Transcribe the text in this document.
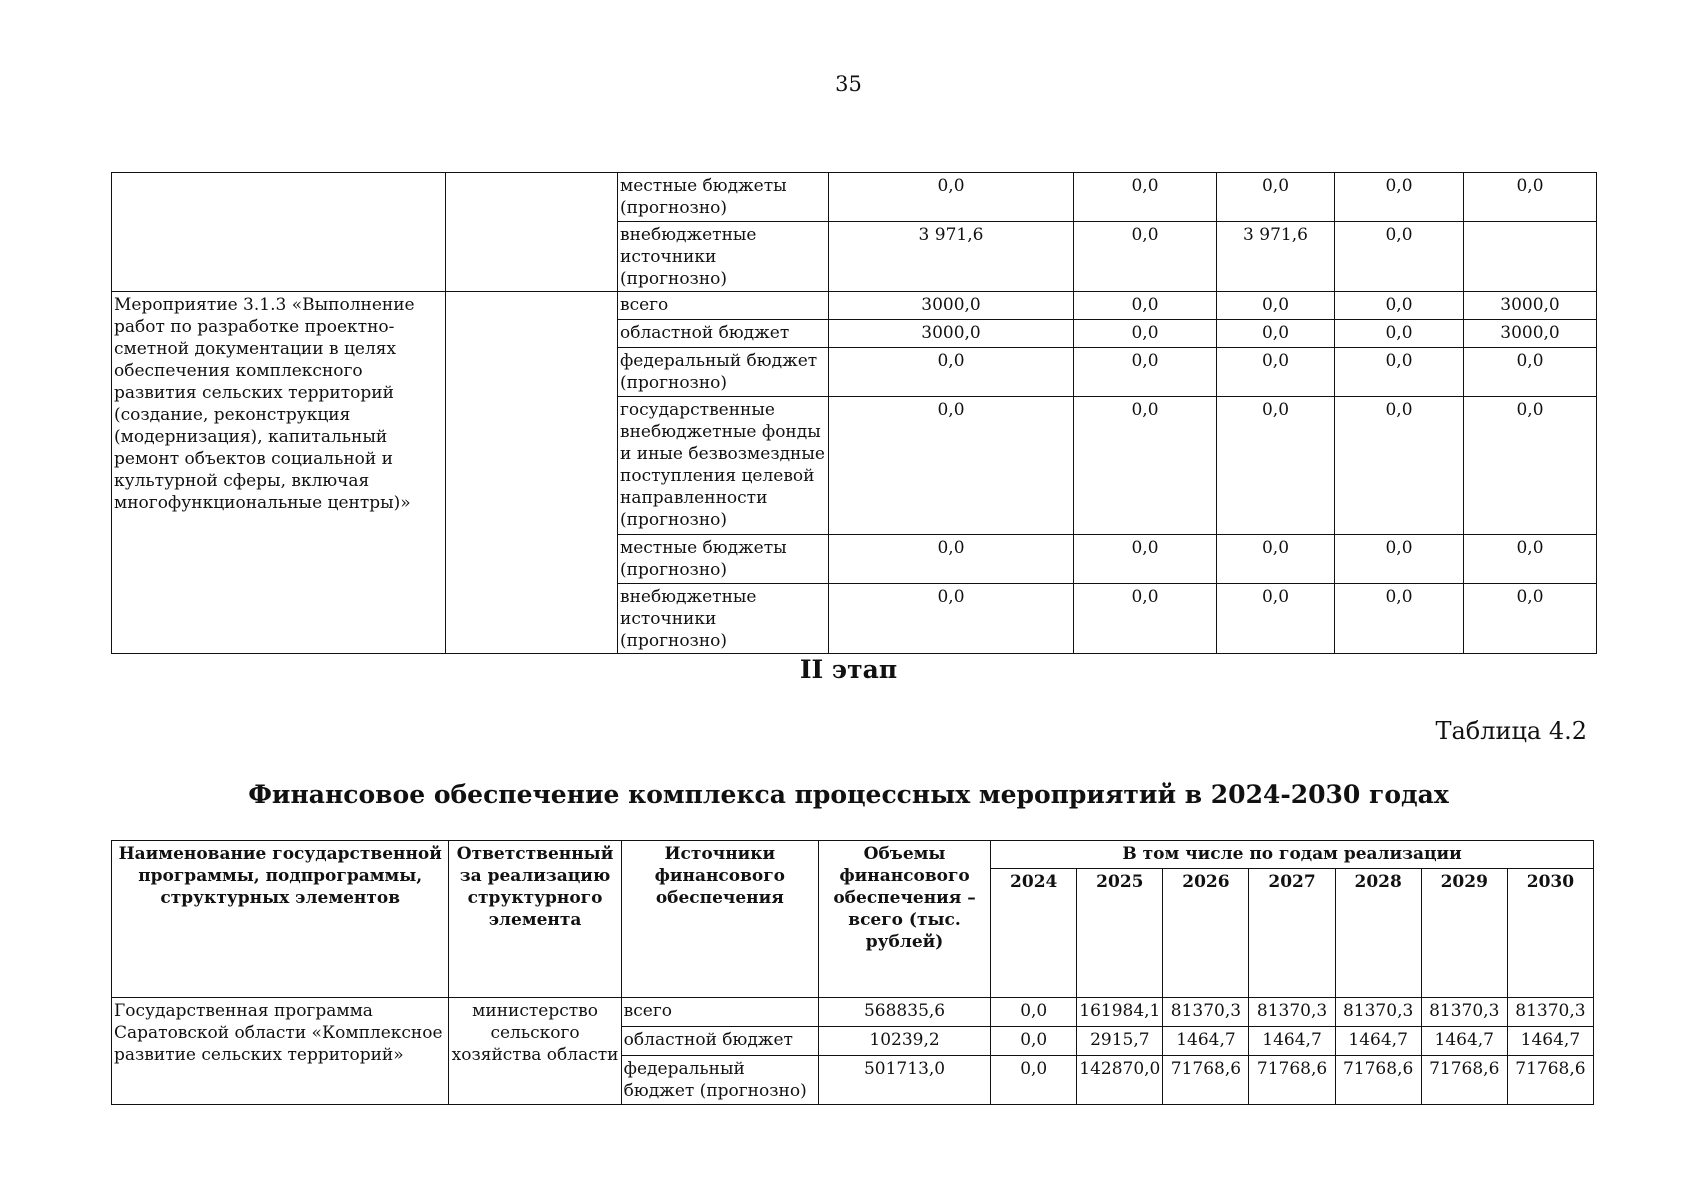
35
		местные бюджеты (прогнозно)	0,0	0,0	0,0	0,0	0,0
		внебюджетные источники (прогнозно)	3 971,6	0,0	3 971,6	0,0	
Мероприятие 3.1.3 «Выполнение работ по разработке проектно-сметной документации в целях обеспечения комплексного развития сельских территорий (создание, реконструкция (модернизация), капитальный ремонт объектов социальной и культурной сферы, включая многофункциональные центры)»		всего	3000,0	0,0	0,0	0,0	3000,0
		областной бюджет	3000,0	0,0	0,0	0,0	3000,0
		федеральный бюджет (прогнозно)	0,0	0,0	0,0	0,0	0,0
		государственные внебюджетные фонды и иные безвозмездные поступления целевой направленности (прогнозно)	0,0	0,0	0,0	0,0	0,0
		местные бюджеты (прогнозно)	0,0	0,0	0,0	0,0	0,0
		внебюджетные источники (прогнозно)	0,0	0,0	0,0	0,0	0,0
II этап
Таблица 4.2
Финансовое обеспечение комплекса процессных мероприятий в 2024-2030 годах
Наименование государственной программы, подпрограммы, структурных элементов	Ответственный за реализацию структурного элемента	Источники финансового обеспечения	Объемы финансового обеспечения – всего (тыс. рублей)	В том числе по годам реализации						
				2024	2025	2026	2027	2028	2029	2030
Государственная программа Саратовской области «Комплексное развитие сельских территорий»	министерство сельского хозяйства области	всего	568835,6	0,0	161984,1	81370,3	81370,3	81370,3	81370,3	81370,3
		областной бюджет	10239,2	0,0	2915,7	1464,7	1464,7	1464,7	1464,7	1464,7
		федеральный бюджет (прогнозно)	501713,0	0,0	142870,0	71768,6	71768,6	71768,6	71768,6	71768,6
